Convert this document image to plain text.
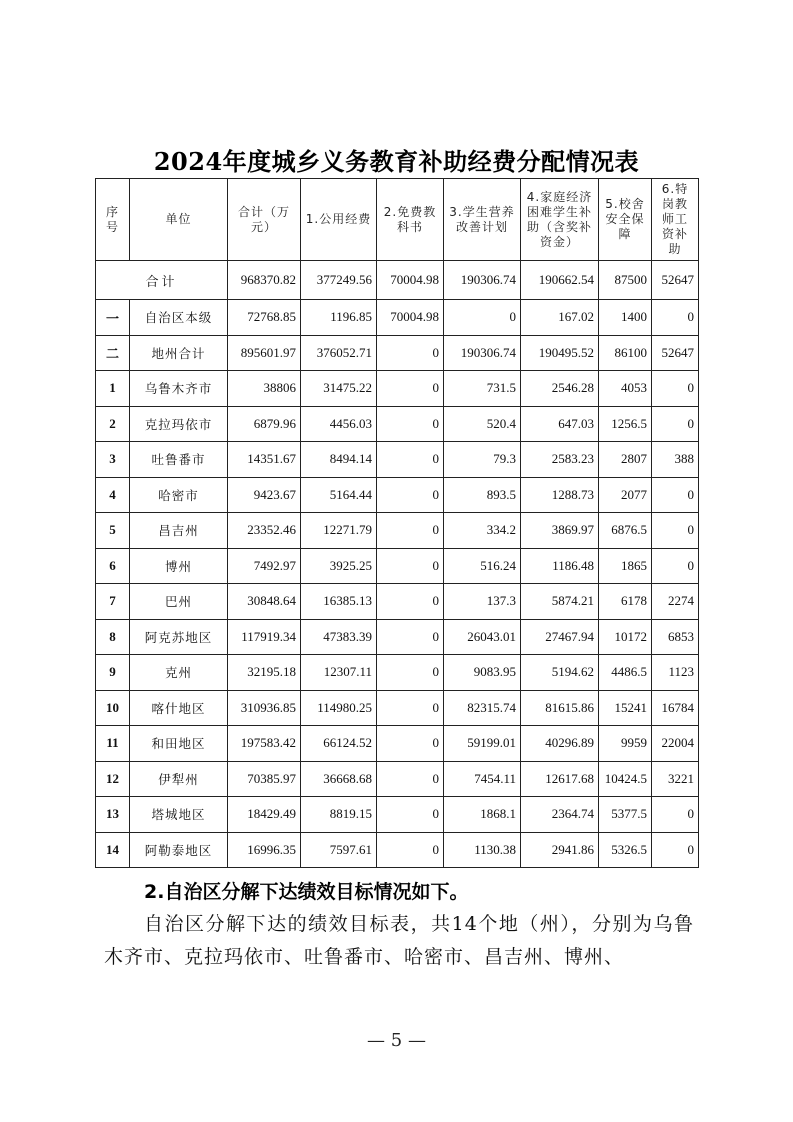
2024年度城乡义务教育补助经费分配情况表
序号	单位	合计（万元）	1.公用经费	2.免费教科书	3.学生营养改善计划	4.家庭经济困难学生补助（含奖补资金）	5.校舍安全保障	6.特岗教师工资补助
合计		968370.82	377249.56	70004.98	190306.74	190662.54	87500	52647
一	自治区本级	72768.85	1196.85	70004.98	0	167.02	1400	0
二	地州合计	895601.97	376052.71	0	190306.74	190495.52	86100	52647
1	乌鲁木齐市	38806	31475.22	0	731.5	2546.28	4053	0
2	克拉玛依市	6879.96	4456.03	0	520.4	647.03	1256.5	0
3	吐鲁番市	14351.67	8494.14	0	79.3	2583.23	2807	388
4	哈密市	9423.67	5164.44	0	893.5	1288.73	2077	0
5	昌吉州	23352.46	12271.79	0	334.2	3869.97	6876.5	0
6	博州	7492.97	3925.25	0	516.24	1186.48	1865	0
7	巴州	30848.64	16385.13	0	137.3	5874.21	6178	2274
8	阿克苏地区	117919.34	47383.39	0	26043.01	27467.94	10172	6853
9	克州	32195.18	12307.11	0	9083.95	5194.62	4486.5	1123
10	喀什地区	310936.85	114980.25	0	82315.74	81615.86	15241	16784
11	和田地区	197583.42	66124.52	0	59199.01	40296.89	9959	22004
12	伊犁州	70385.97	36668.68	0	7454.11	12617.68	10424.5	3221
13	塔城地区	18429.49	8819.15	0	1868.1	2364.74	5377.5	0
14	阿勒泰地区	16996.35	7597.61	0	1130.38	2941.86	5326.5	0
2.自治区分解下达绩效目标情况如下。
自治区分解下达的绩效目标表，共14个地（州），分别为乌鲁木齐市、克拉玛依市、吐鲁番市、哈密市、昌吉州、博州、
— 5 —
